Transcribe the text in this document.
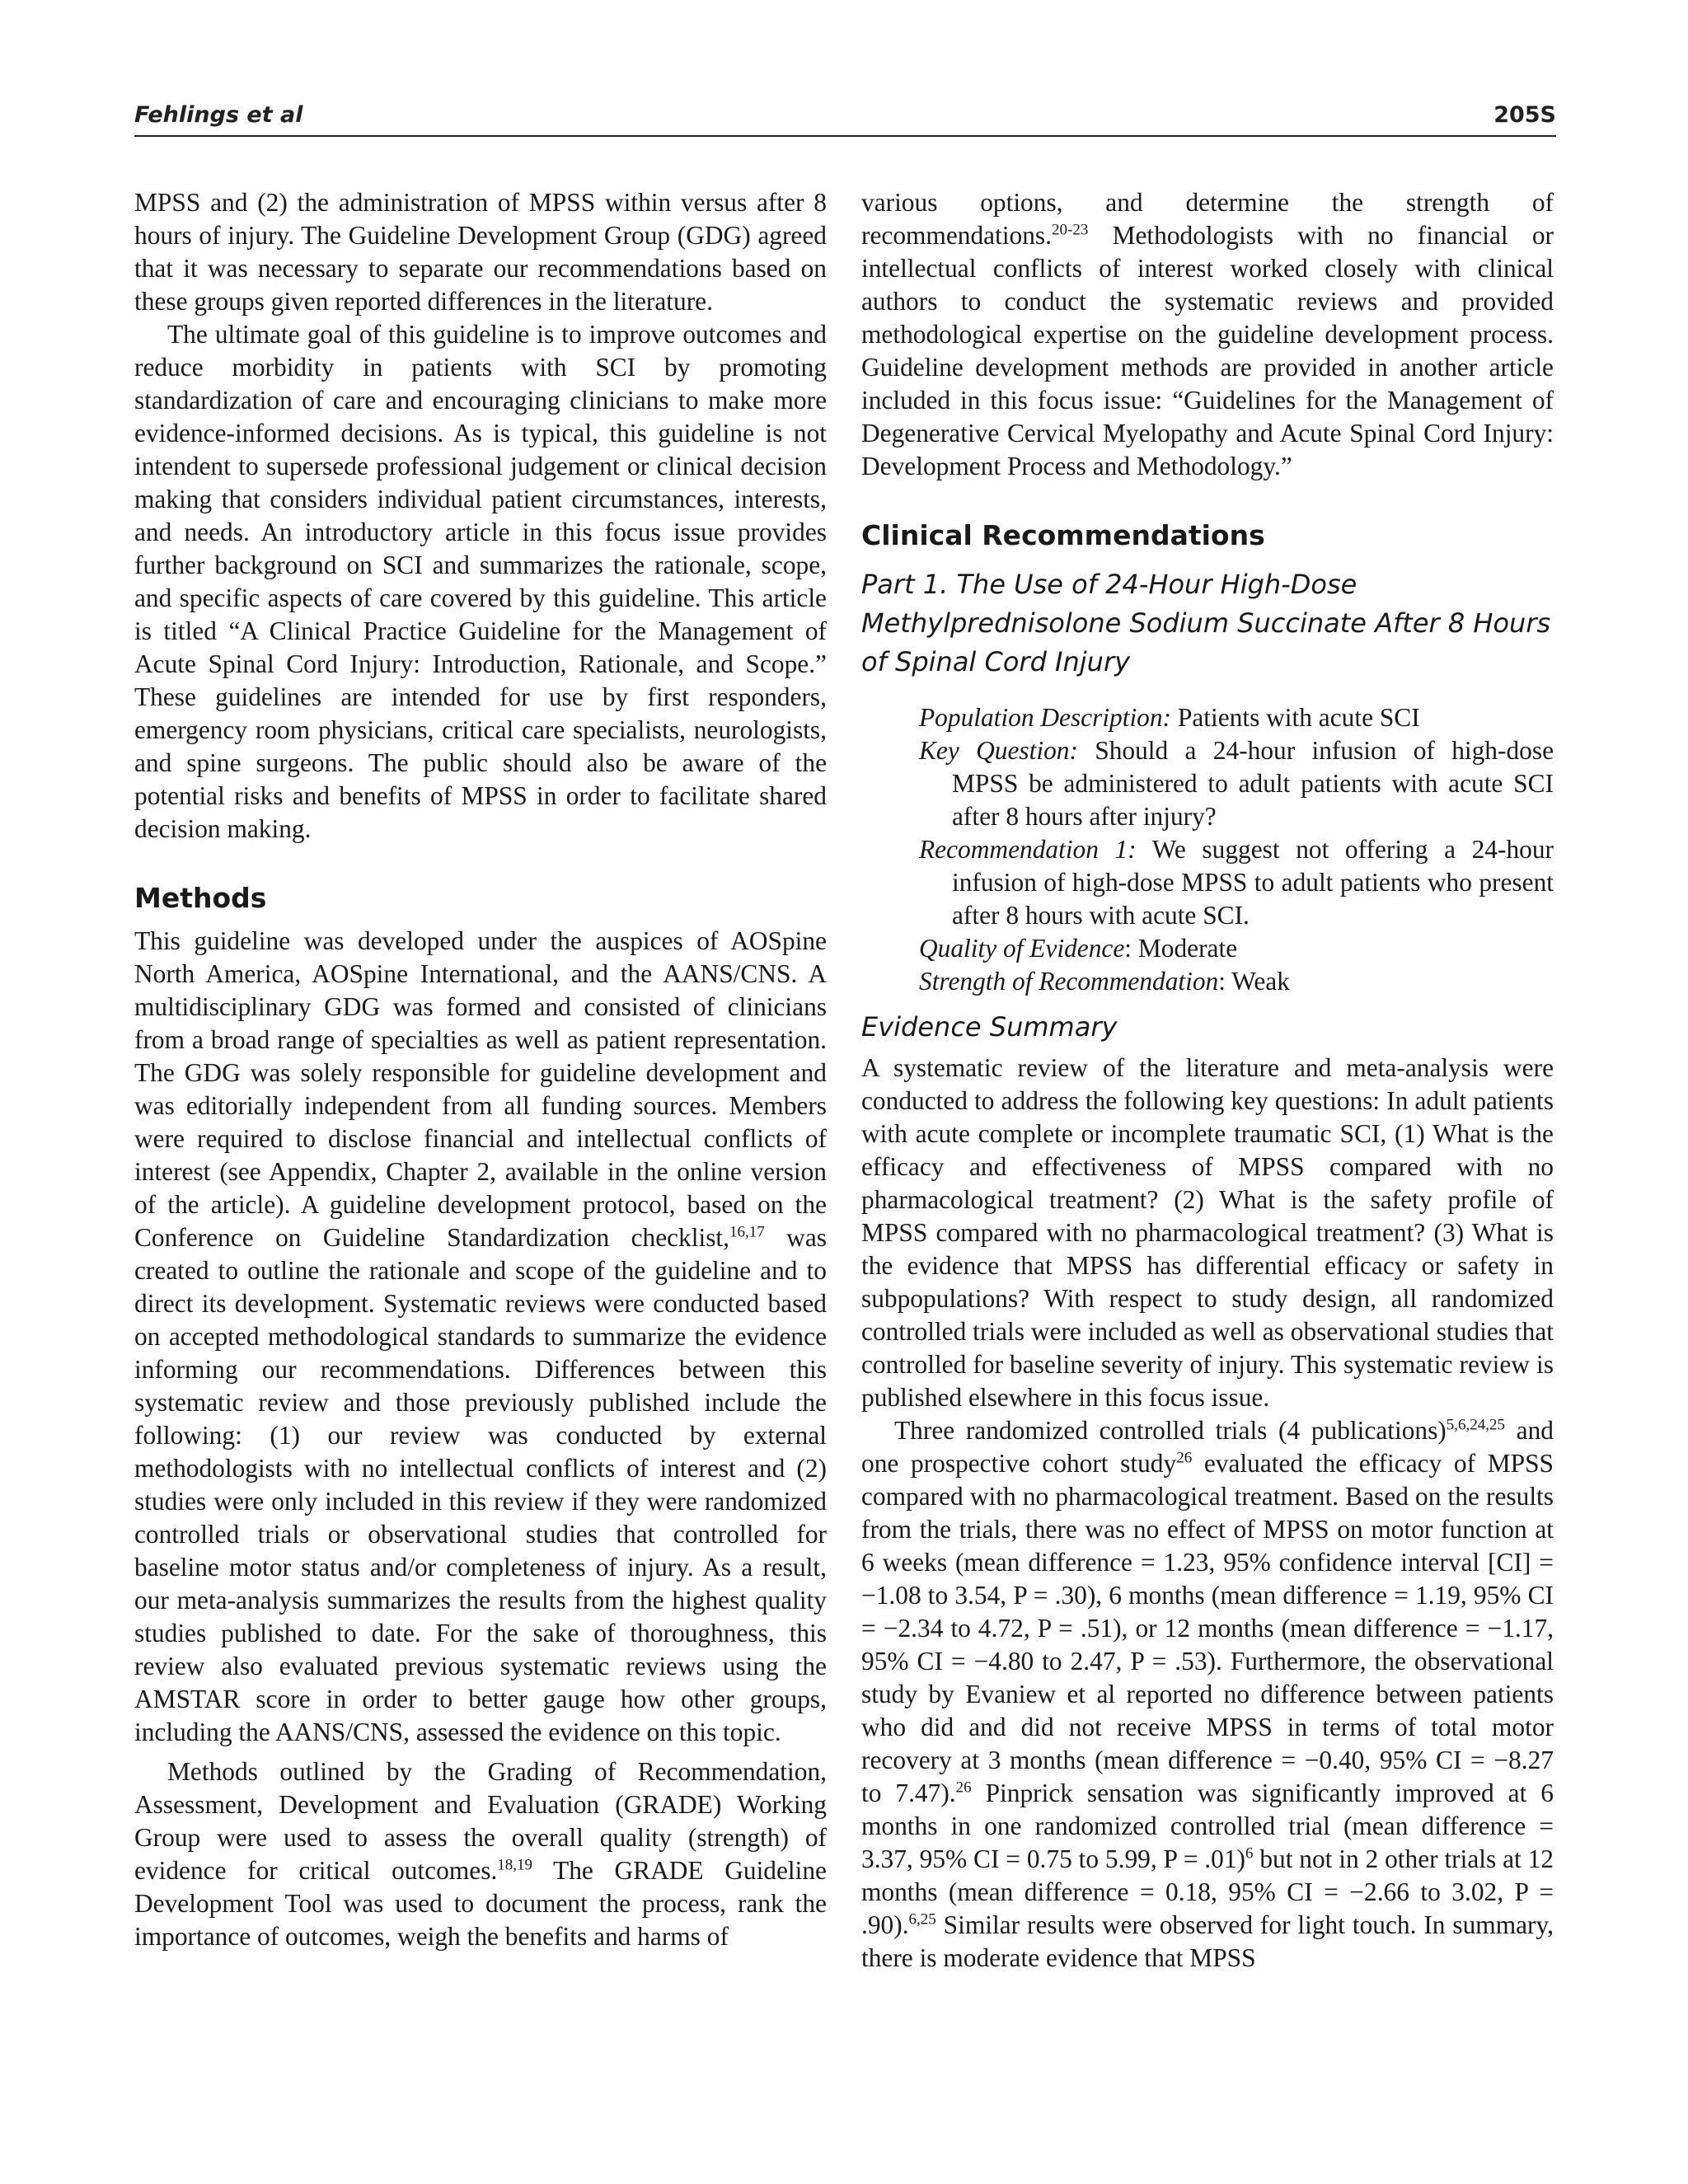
Fehlings et al	205S

MPSS and (2) the administration of MPSS within versus after 8 hours of injury. The Guideline Development Group (GDG) agreed that it was necessary to separate our recommendations based on these groups given reported differences in the literature.

The ultimate goal of this guideline is to improve outcomes and reduce morbidity in patients with SCI by promoting standardization of care and encouraging clinicians to make more evidence-informed decisions. As is typical, this guideline is not intendent to supersede professional judgement or clinical decision making that considers individual patient circumstances, interests, and needs. An introductory article in this focus issue provides further background on SCI and summarizes the rationale, scope, and specific aspects of care covered by this guideline. This article is titled “A Clinical Practice Guideline for the Management of Acute Spinal Cord Injury: Introduction, Rationale, and Scope.” These guidelines are intended for use by first responders, emergency room physicians, critical care specialists, neurologists, and spine surgeons. The public should also be aware of the potential risks and benefits of MPSS in order to facilitate shared decision making.

Methods

This guideline was developed under the auspices of AOSpine North America, AOSpine International, and the AANS/CNS. A multidisciplinary GDG was formed and consisted of clinicians from a broad range of specialties as well as patient representation. The GDG was solely responsible for guideline development and was editorially independent from all funding sources. Members were required to disclose financial and intellectual conflicts of interest (see Appendix, Chapter 2, available in the online version of the article). A guideline development protocol, based on the Conference on Guideline Standardization checklist,$^{16,17}$ was created to outline the rationale and scope of the guideline and to direct its development. Systematic reviews were conducted based on accepted methodological standards to summarize the evidence informing our recommendations. Differences between this systematic review and those previously published include the following: (1) our review was conducted by external methodologists with no intellectual conflicts of interest and (2) studies were only included in this review if they were randomized controlled trials or observational studies that controlled for baseline motor status and/or completeness of injury. As a result, our meta-analysis summarizes the results from the highest quality studies published to date. For the sake of thoroughness, this review also evaluated previous systematic reviews using the AMSTAR score in order to better gauge how other groups, including the AANS/CNS, assessed the evidence on this topic.

Methods outlined by the Grading of Recommendation, Assessment, Development and Evaluation (GRADE) Working Group were used to assess the overall quality (strength) of evidence for critical outcomes.$^{18,19}$ The GRADE Guideline Development Tool was used to document the process, rank the importance of outcomes, weigh the benefits and harms of

various options, and determine the strength of recommendations.$^{20-23}$ Methodologists with no financial or intellectual conflicts of interest worked closely with clinical authors to conduct the systematic reviews and provided methodological expertise on the guideline development process. Guideline development methods are provided in another article included in this focus issue: “Guidelines for the Management of Degenerative Cervical Myelopathy and Acute Spinal Cord Injury: Development Process and Methodology.”

Clinical Recommendations
Part 1. The Use of 24-Hour High-Dose Methylprednisolone Sodium Succinate After 8 Hours of Spinal Cord Injury

Population Description: Patients with acute SCI

Key Question: Should a 24-hour infusion of high-dose MPSS be administered to adult patients with acute SCI after 8 hours after injury?

Recommendation 1: We suggest not offering a 24-hour infusion of high-dose MPSS to adult patients who present after 8 hours with acute SCI.

Quality of Evidence: Moderate

Strength of Recommendation: Weak

Evidence Summary

A systematic review of the literature and meta-analysis were conducted to address the following key questions: In adult patients with acute complete or incomplete traumatic SCI, (1) What is the efficacy and effectiveness of MPSS compared with no pharmacological treatment? (2) What is the safety profile of MPSS compared with no pharmacological treatment? (3) What is the evidence that MPSS has differential efficacy or safety in subpopulations? With respect to study design, all randomized controlled trials were included as well as observational studies that controlled for baseline severity of injury. This systematic review is published elsewhere in this focus issue.

Three randomized controlled trials (4 publications)$^{5,6,24,25}$ and one prospective cohort study$^{26}$ evaluated the efficacy of MPSS compared with no pharmacological treatment. Based on the results from the trials, there was no effect of MPSS on motor function at 6 weeks (mean difference = 1.23, 95% confidence interval [CI] = −1.08 to 3.54, P = .30), 6 months (mean difference = 1.19, 95% CI = −2.34 to 4.72, P = .51), or 12 months (mean difference = −1.17, 95% CI = −4.80 to 2.47, P = .53). Furthermore, the observational study by Evaniew et al reported no difference between patients who did and did not receive MPSS in terms of total motor recovery at 3 months (mean difference = −0.40, 95% CI = −8.27 to 7.47).$^{26}$ Pinprick sensation was significantly improved at 6 months in one randomized controlled trial (mean difference = 3.37, 95% CI = 0.75 to 5.99, P = .01)$^6$ but not in 2 other trials at 12 months (mean difference = 0.18, 95% CI = −2.66 to 3.02, P = .90).$^{6,25}$ Similar results were observed for light touch. In summary, there is moderate evidence that MPSS
